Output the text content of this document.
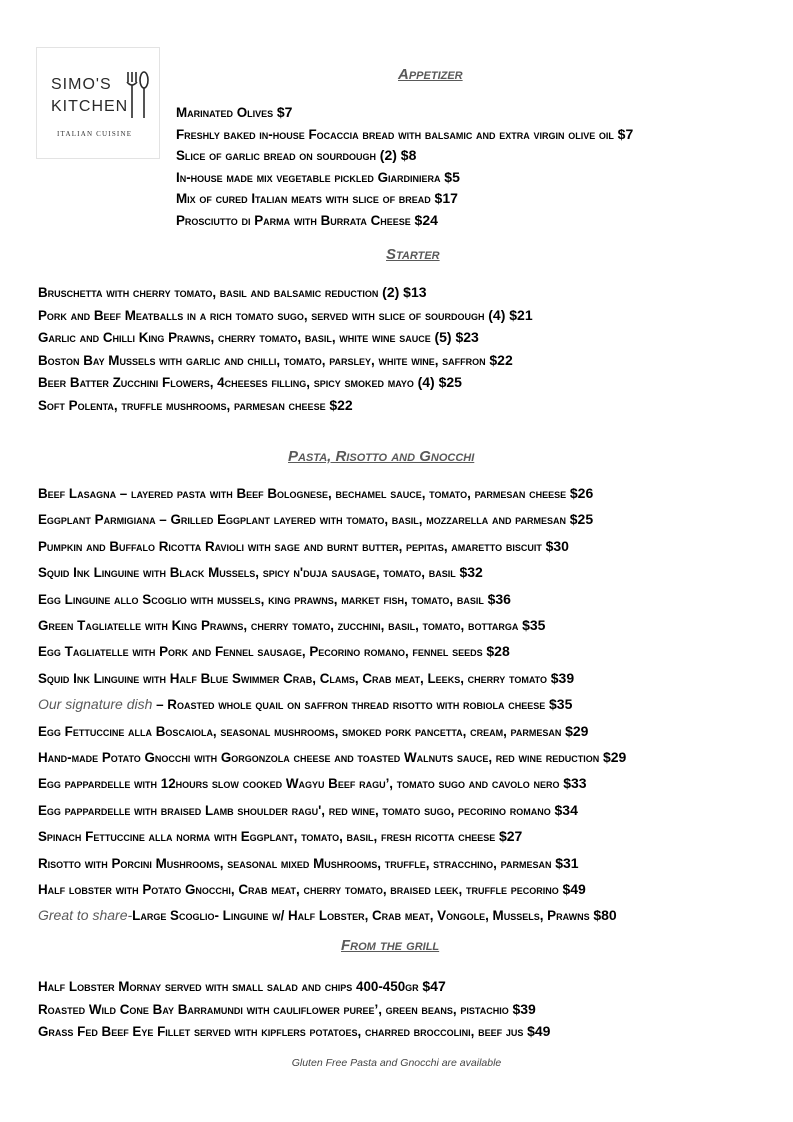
SIMO'S
KITCHEN
ITALIAN CUISINE
Appetizer
Marinated Olives $7
Freshly baked in-house Focaccia bread with balsamic and extra virgin olive oil $7
Slice of garlic bread on sourdough (2) $8
In-house made mix vegetable pickled Giardiniera $5
Mix of cured Italian meats with slice of bread $17
Prosciutto di Parma with Burrata Cheese $24
Starter
Bruschetta with cherry tomato, basil and balsamic reduction (2) $13
Pork and Beef Meatballs in a rich tomato sugo, served with slice of sourdough (4) $21
Garlic and Chilli King Prawns, cherry tomato, basil, white wine sauce (5) $23
Boston Bay Mussels with garlic and chilli, tomato, parsley, white wine, saffron $22
Beer Batter Zucchini Flowers, 4cheeses filling, spicy smoked mayo (4) $25
Soft Polenta, truffle mushrooms, parmesan cheese $22
Pasta, Risotto and Gnocchi
Beef Lasagna – layered pasta with Beef Bolognese, bechamel sauce, tomato, parmesan cheese $26
Eggplant Parmigiana – Grilled Eggplant layered with tomato, basil, mozzarella and parmesan $25
Pumpkin and Buffalo Ricotta Ravioli with sage and burnt butter, pepitas, amaretto biscuit $30
Squid Ink Linguine with Black Mussels, spicy n'duja sausage, tomato, basil $32
Egg Linguine allo Scoglio with mussels, king prawns, market fish, tomato, basil $36
Green Tagliatelle with King Prawns, cherry tomato, zucchini, basil, tomato, bottarga $35
Egg Tagliatelle with Pork and Fennel sausage, Pecorino romano, fennel seeds $28
Squid Ink Linguine with Half Blue Swimmer Crab, Clams, Crab meat, Leeks, cherry tomato $39
Our signature dish – Roasted whole quail on saffron thread risotto with robiola cheese $35
Egg Fettuccine alla Boscaiola, seasonal mushrooms, smoked pork pancetta, cream, parmesan $29
Hand-made Potato Gnocchi with Gorgonzola cheese and toasted Walnuts sauce, red wine reduction $29
Egg pappardelle with 12hours slow cooked Wagyu Beef ragu’, tomato sugo and cavolo nero $33
Egg pappardelle with braised Lamb shoulder ragu', red wine, tomato sugo, pecorino romano $34
Spinach Fettuccine alla norma with Eggplant, tomato, basil, fresh ricotta cheese $27
Risotto with Porcini Mushrooms, seasonal mixed Mushrooms, truffle, stracchino, parmesan $31
Half lobster with Potato Gnocchi, Crab meat, cherry tomato, braised leek, truffle pecorino $49
Great to share-Large Scoglio- Linguine w/ Half Lobster, Crab meat, Vongole, Mussels, Prawns $80
From the grill
Half Lobster Mornay served with small salad and chips 400-450gr $47
Roasted Wild Cone Bay Barramundi with cauliflower puree’, green beans, pistachio $39
Grass Fed Beef Eye Fillet served with kipflers potatoes, charred broccolini, beef jus $49
Gluten Free Pasta and Gnocchi are available
